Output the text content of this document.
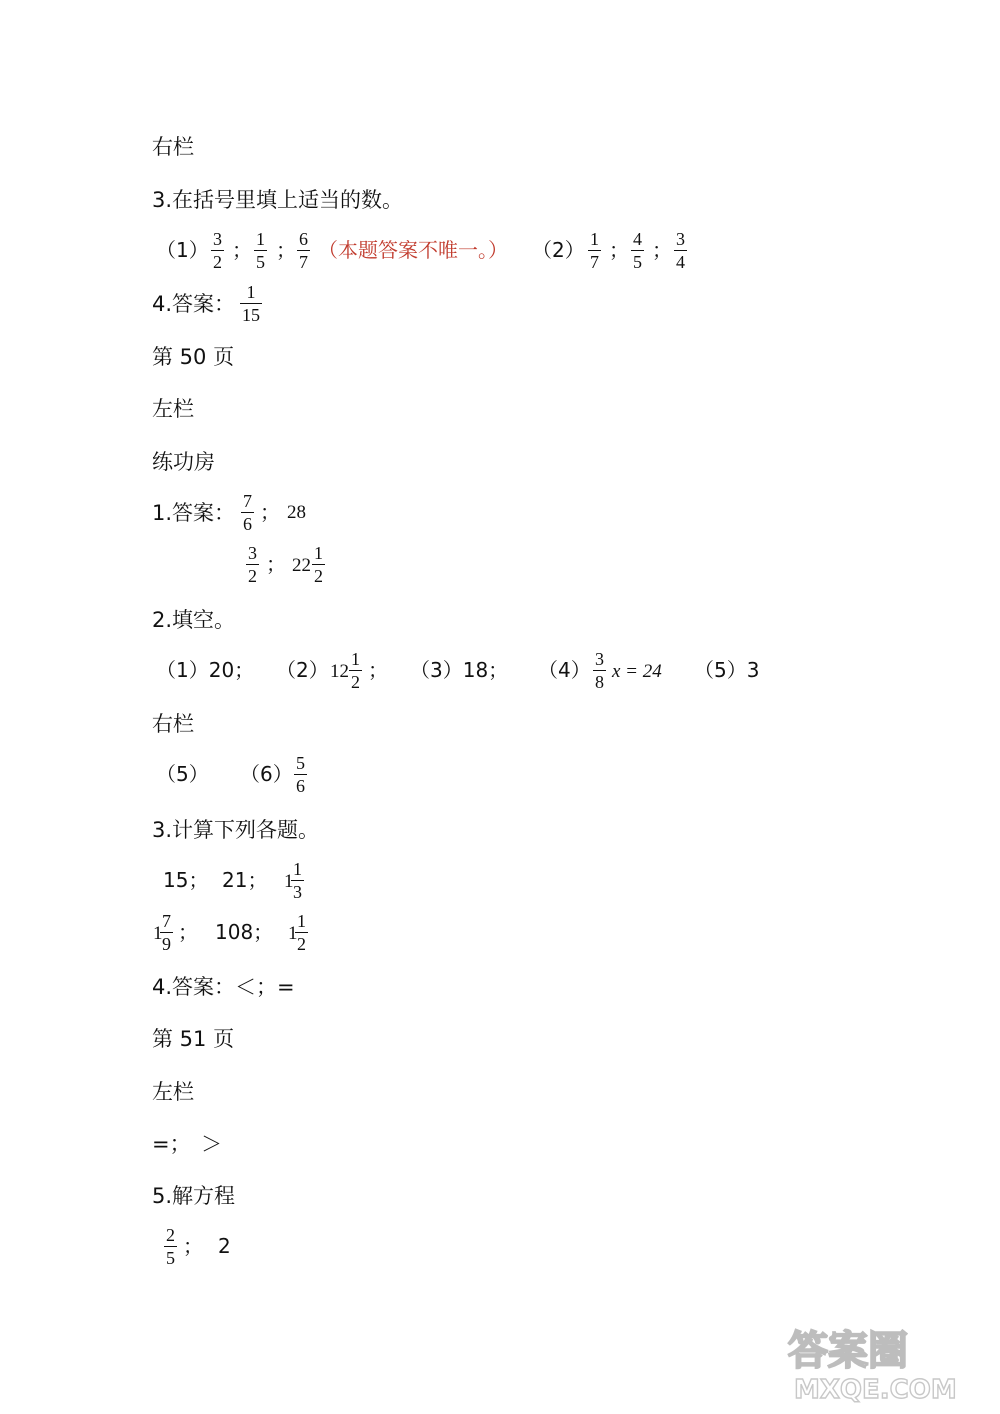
右栏
3.在括号里填上适当的数。
$(1) \frac{3}{2}$ ； $\frac{1}{5}$ ； $\frac{6}{7}$ （本题答案不唯一。） $(2) \frac{1}{7}$ ； $\frac{4}{5}$ ； $\frac{3}{4}$
4.答案： $\frac{1}{15}$
第 50 页
左栏
练功房
1.答案： $\frac{7}{6}$ ； 28
$\frac{3}{2}$ ； $22 \frac{1}{2}$
2.填空。
（1）20； （2） $12 \frac{1}{2}$ ； （3）18； $(4) \frac{3}{8}$ x = 24 （5）3
右栏
（5） $(6) \frac{5}{6}$
3.计算下列各题。
15； 21； 1
$\frac{1}{3}$
1
$\frac{7}{9}$ ； 108； 1
$\frac{1}{2}$
4.答案：＜；=
第 51 页
左栏
=；　＞
5.解方程
$\frac{2}{5}$ ； 2
答案圈
MXQE.COM
